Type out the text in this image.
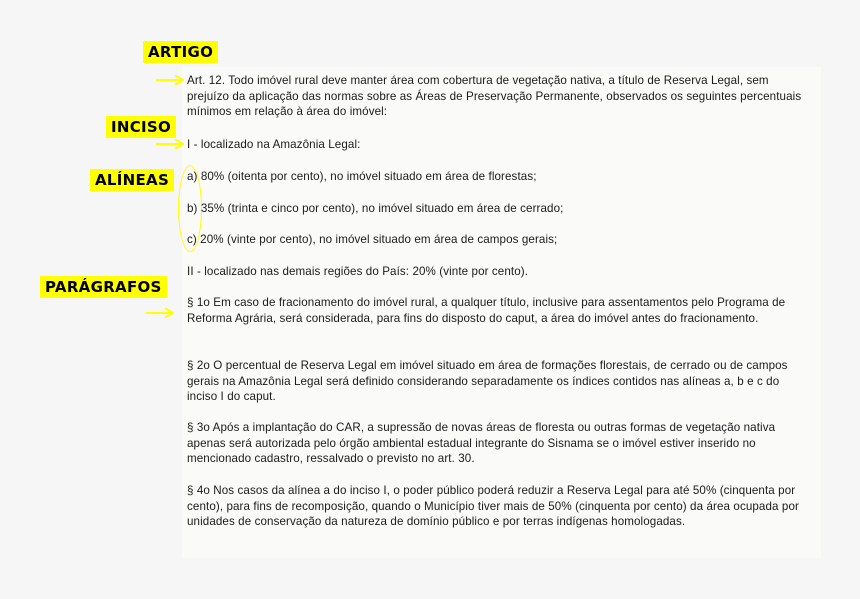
ARTIGO
INCISO
ALÍNEAS
PARÁGRAFOS
Art. 12. Todo imóvel rural deve manter área com cobertura de vegetação nativa, a título de Reserva Legal, sem prejuízo da aplicação das normas sobre as Áreas de Preservação Permanente, observados os seguintes percentuais mínimos em relação à área do imóvel:
I - localizado na Amazônia Legal:
a) 80% (oitenta por cento), no imóvel situado em área de florestas;
b) 35% (trinta e cinco por cento), no imóvel situado em área de cerrado;
c) 20% (vinte por cento), no imóvel situado em área de campos gerais;
II - localizado nas demais regiões do País: 20% (vinte por cento).
§ 1o Em caso de fracionamento do imóvel rural, a qualquer título, inclusive para assentamentos pelo Programa de Reforma Agrária, será considerada, para fins do disposto do caput, a área do imóvel antes do fracionamento.
§ 2o O percentual de Reserva Legal em imóvel situado em área de formações florestais, de cerrado ou de campos gerais na Amazônia Legal será definido considerando separadamente os índices contidos nas alíneas a, b e c do inciso I do caput.
§ 3o Após a implantação do CAR, a supressão de novas áreas de floresta ou outras formas de vegetação nativa apenas será autorizada pelo órgão ambiental estadual integrante do Sisnama se o imóvel estiver inserido no mencionado cadastro, ressalvado o previsto no art. 30.
§ 4o Nos casos da alínea a do inciso I, o poder público poderá reduzir a Reserva Legal para até 50% (cinquenta por cento), para fins de recomposição, quando o Município tiver mais de 50% (cinquenta por cento) da área ocupada por unidades de conservação da natureza de domínio público e por terras indígenas homologadas.
